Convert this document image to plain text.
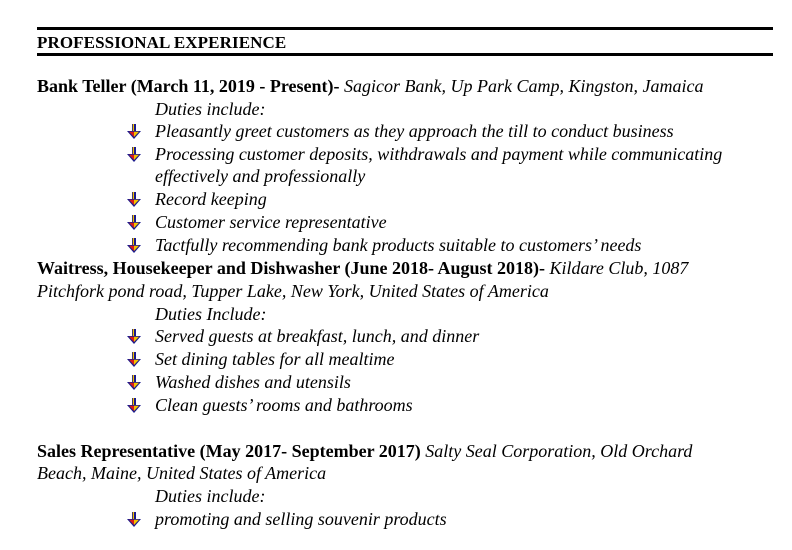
PROFESSIONAL EXPERIENCE
Bank Teller (March 11, 2019 - Present)- Sagicor Bank, Up Park Camp, Kingston, Jamaica
Duties include:
Pleasantly greet customers as they approach the till to conduct business
Processing customer deposits, withdrawals and payment while communicating
effectively and professionally
Record keeping
Customer service representative
Tactfully recommending bank products suitable to customers’ needs
Waitress, Housekeeper and Dishwasher (June 2018- August 2018)- Kildare Club, 1087
Pitchfork pond road, Tupper Lake, New York, United States of America
Duties Include:
Served guests at breakfast, lunch, and dinner
Set dining tables for all mealtime
Washed dishes and utensils
Clean guests’ rooms and bathrooms
Sales Representative (May 2017- September 2017) Salty Seal Corporation, Old Orchard
Beach, Maine, United States of America
Duties include:
promoting and selling souvenir products
